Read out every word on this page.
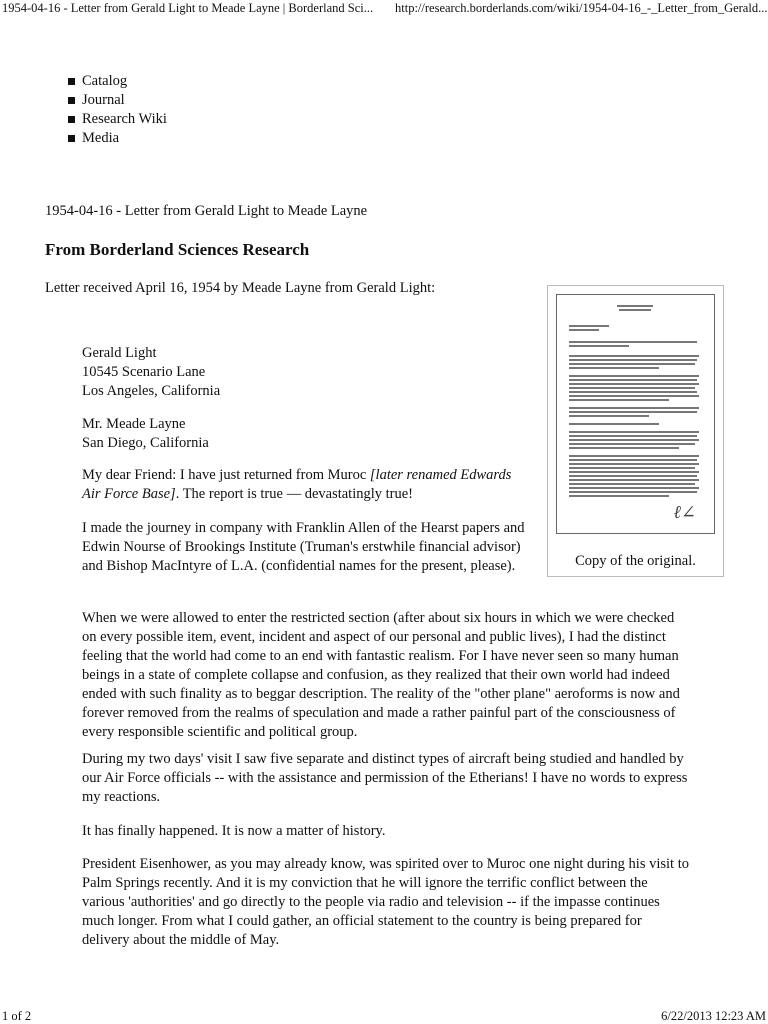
1954-04-16 - Letter from Gerald Light to Meade Layne | Borderland Sci... http://research.borderlands.com/wiki/1954-04-16_-_Letter_from_Gerald...
Catalog
Journal
Research Wiki
Media
1954-04-16 - Letter from Gerald Light to Meade Layne
From Borderland Sciences Research
Letter received April 16, 1954 by Meade Layne from Gerald Light:
ℓ∠
Copy of the original.

Gerald Light
10545 Scenario Lane
Los Angeles, California

Mr. Meade Layne
San Diego, California

My dear Friend: I have just returned from Muroc [later renamed Edwards Air Force Base]. The report is true — devastatingly true!

I made the journey in company with Franklin Allen of the Hearst papers and Edwin Nourse of Brookings Institute (Truman's erstwhile financial advisor) and Bishop MacIntyre of L.A. (confidential names for the present, please).

When we were allowed to enter the restricted section (after about six hours in which we were checked on every possible item, event, incident and aspect of our personal and public lives), I had the distinct feeling that the world had come to an end with fantastic realism. For I have never seen so many human beings in a state of complete collapse and confusion, as they realized that their own world had indeed ended with such finality as to beggar description. The reality of the "other plane" aeroforms is now and forever removed from the realms of speculation and made a rather painful part of the consciousness of every responsible scientific and political group.

During my two days' visit I saw five separate and distinct types of aircraft being studied and handled by our Air Force officials -- with the assistance and permission of the Etherians! I have no words to express my reactions.

It has finally happened. It is now a matter of history.

President Eisenhower, as you may already know, was spirited over to Muroc one night during his visit to Palm Springs recently. And it is my conviction that he will ignore the terrific conflict between the various 'authorities' and go directly to the people via radio and television -- if the impasse continues much longer. From what I could gather, an official statement to the country is being prepared for delivery about the middle of May.

1 of 2	6/22/2013 12:23 AM
